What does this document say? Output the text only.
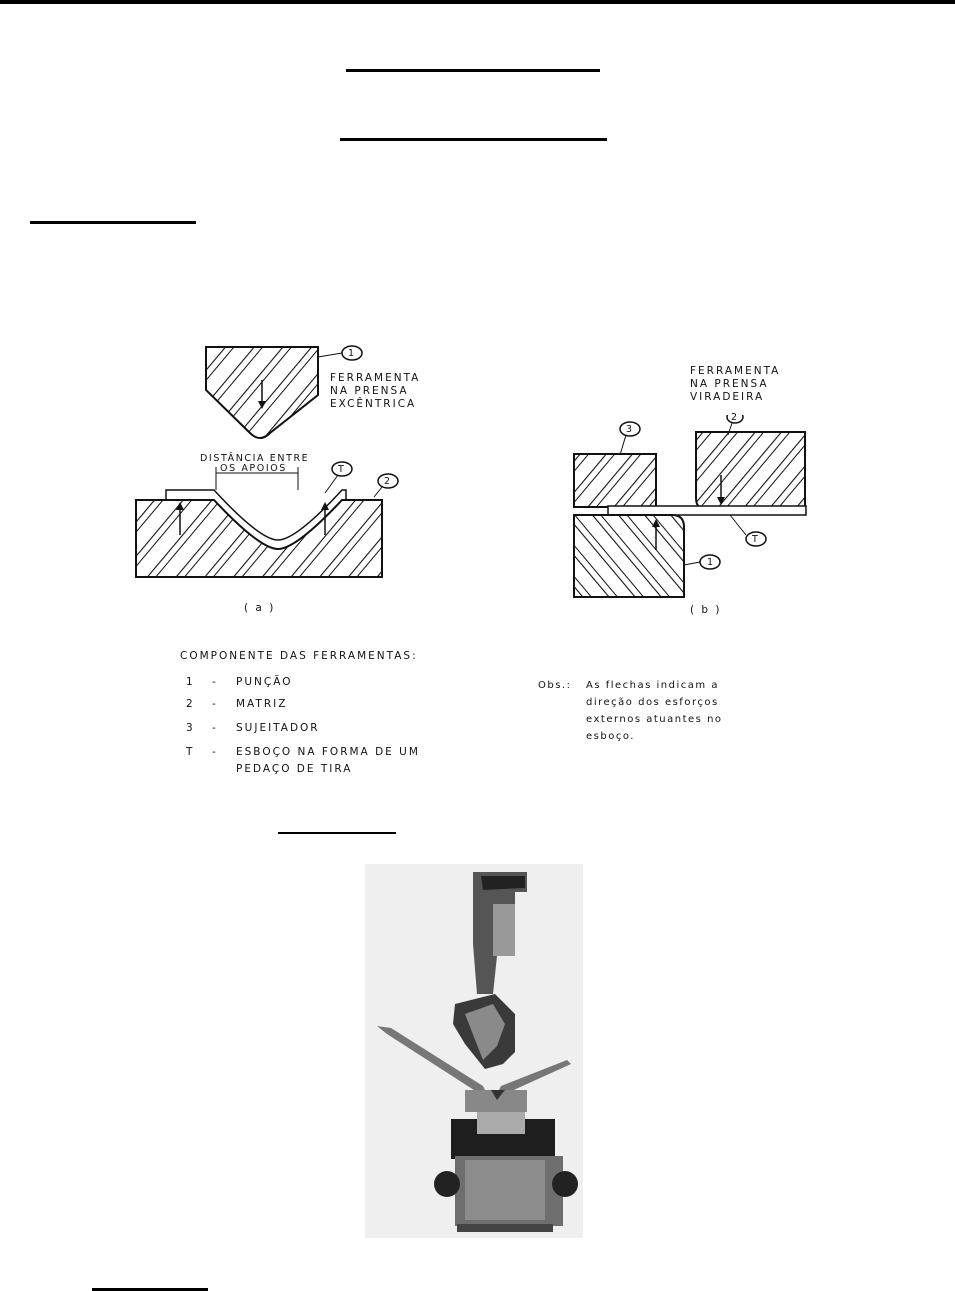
1
T
2
FERRAMENTA
NA PRENSA
EXCÊNTRICA
DISTÂNCIA ENTRE
OS APOIOS
( a )
3
2
T
1
FERRAMENTA
NA PRENSA
VIRADEIRA
( b )
COMPONENTE DAS FERRAMENTAS:
1 - PUNÇÃO
2 - MATRIZ
3 - SUJEITADOR
T - ESBOÇO NA FORMA DE UM
PEDAÇO DE TIRA
Obs.: As flechas indicam a
direção dos esforços
externos atuantes no
esboço.
